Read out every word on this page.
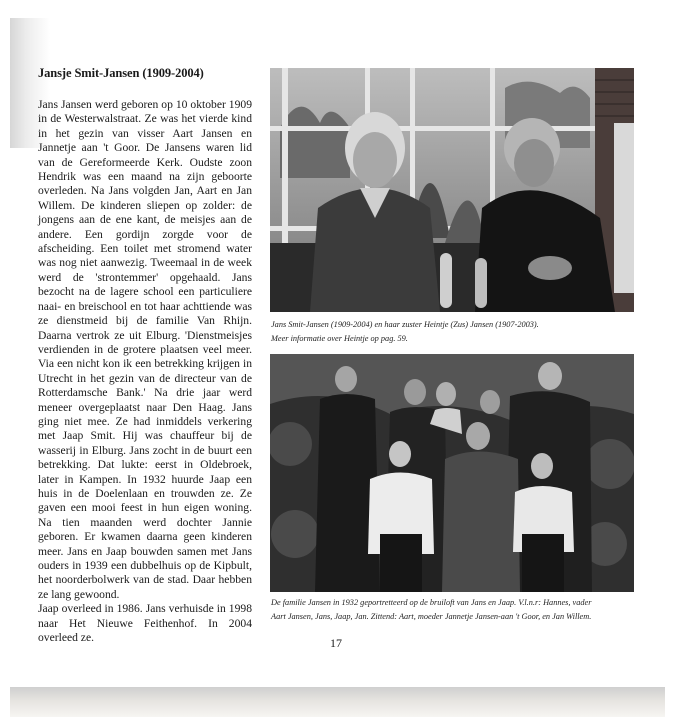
Jansje Smit-Jansen (1909-2004)

Jans Jansen werd geboren op 10 oktober 1909 in de Westerwalstraat. Ze was het vierde kind in het gezin van visser Aart Jansen en Jannetje aan 't Goor. De Jansens waren lid van de Gereformeerde Kerk. Oudste zoon Hendrik was een maand na zijn geboorte overleden. Na Jans volgden Jan, Aart en Jan Willem. De kinderen sliepen op zolder: de jongens aan de ene kant, de meisjes aan de andere. Een gordijn zorgde voor de afscheiding. Een toilet met stromend water was nog niet aanwezig. Tweemaal in de week werd de 'strontemmer' opgehaald. Jans bezocht na de lagere school een particuliere naai- en breischool en tot haar achttiende was ze dienstmeid bij de familie Van Rhijn. Daarna vertrok ze uit Elburg. 'Dienstmeisjes verdienden in de grotere plaatsen veel meer. Via een nicht kon ik een betrekking krijgen in Utrecht in het gezin van de directeur van de Rotterdamsche Bank.' Na drie jaar werd meneer overgeplaatst naar Den Haag. Jans ging niet mee. Ze had inmiddels verkering met Jaap Smit. Hij was chauffeur bij de wasserij in Elburg. Jans zocht in de buurt een betrekking. Dat lukte: eerst in Oldebroek, later in Kampen. In 1932 huurde Jaap een huis in de Doelenlaan en trouwden ze. Ze gaven een mooi feest in hun eigen woning. Na tien maanden werd dochter Jannie geboren. Er kwamen daarna geen kinderen meer. Jans en Jaap bouwden samen met Jans ouders in 1939 een dubbelhuis op de Kipbult, het noorderbolwerk van de stad. Daar hebben ze lang gewoond.

Jaap overleed in 1986. Jans verhuisde in 1998 naar Het Nieuwe Feithenhof. In 2004 overleed ze.

Jans Smit-Jansen (1909-2004) en haar zuster Heintje (Zus) Jansen (1907-2003).
Meer informatie over Heintje op pag. 59.
De familie Jansen in 1932 geportretteerd op de bruiloft van Jans en Jaap. V.l.n.r: Hannes, vader
Aart Jansen, Jans, Jaap, Jan. Zittend: Aart, moeder Jannetje Jansen-aan 't Goor, en Jan Willem.
17
